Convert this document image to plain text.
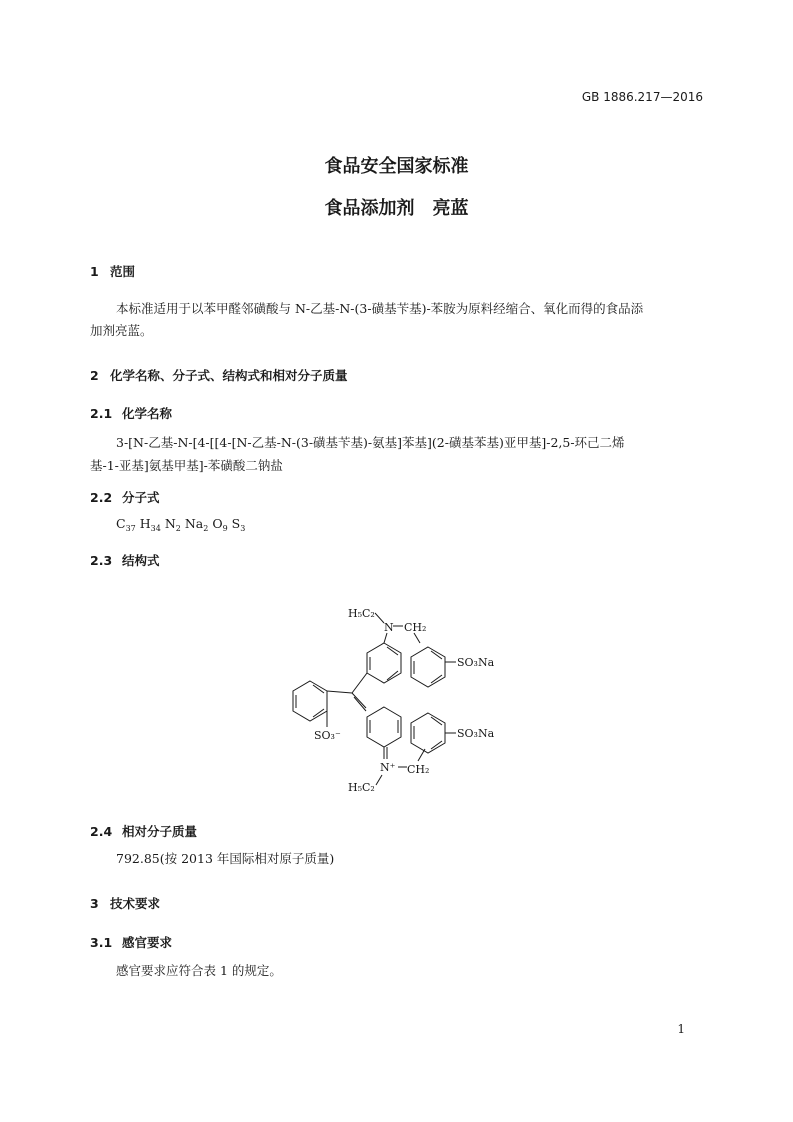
GB 1886.217—2016
食品安全国家标准
食品添加剂　亮蓝
1 范围
本标准适用于以苯甲醛邻磺酸与 N-乙基-N-(3-磺基苄基)-苯胺为原料经缩合、氧化而得的食品添
加剂亮蓝。
2 化学名称、分子式、结构式和相对分子质量
2.1 化学名称
3-[N-乙基-N-[4-[[4-[N-乙基-N-(3-磺基苄基)-氨基]苯基](2-磺基苯基)亚甲基]-2,5-环己二烯
基-1-亚基]氨基甲基]-苯磺酸二钠盐
2.2 分子式
$C_{37}$ $H_{34}$ $N_2$ $Na_2$ $O_9$ $S_3$
2.3 结构式
H₅C₂
N CH₂
SO₃Na
SO₃⁻
N⁺ CH₂
H₅C₂
SO₃Na
2.4 相对分子质量
792.85(按 2013 年国际相对原子质量)
3 技术要求
3.1 感官要求
感官要求应符合表 1 的规定。
1
